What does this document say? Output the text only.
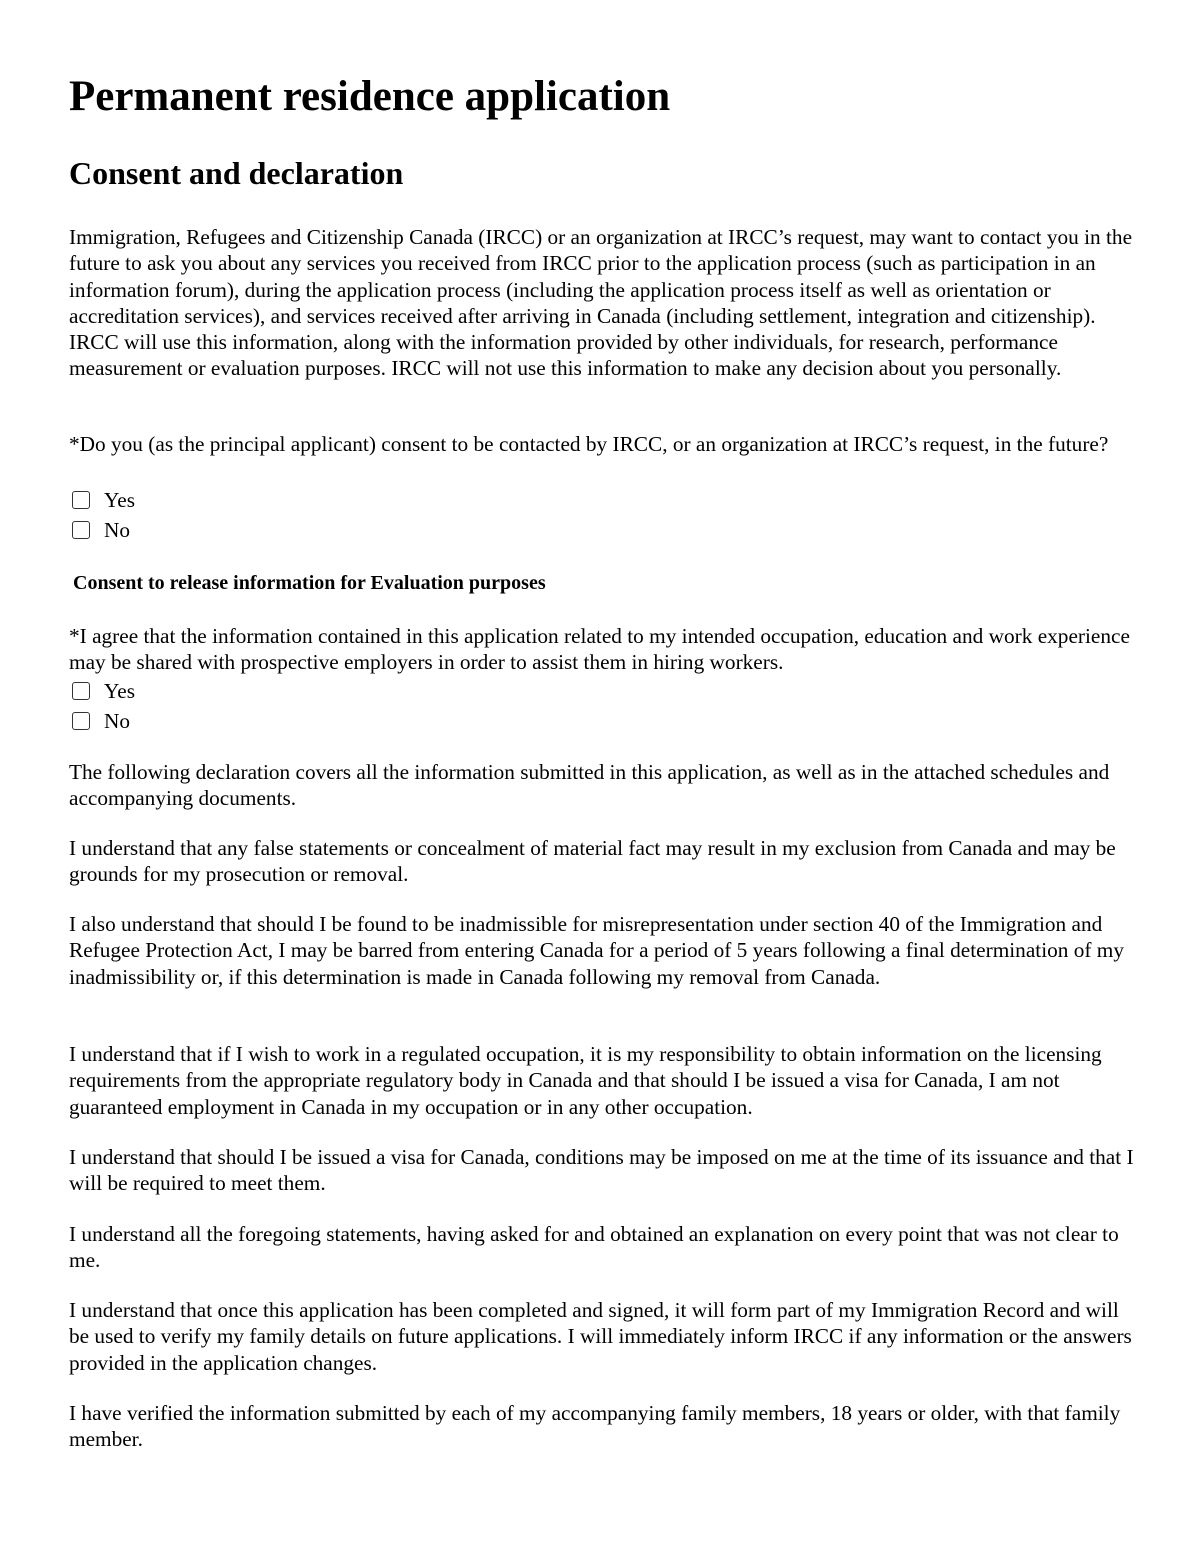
Permanent residence application
Consent and declaration

Immigration, Refugees and Citizenship Canada (IRCC) or an organization at IRCC’s request, may want to contact you in the future to ask you about any services you received from IRCC prior to the application process (such as participation in an information forum), during the application process (including the application process itself as well as orientation or accreditation services), and services received after arriving in Canada (including settlement, integration and citizenship). IRCC will use this information, along with the information provided by other individuals, for research, performance measurement or evaluation purposes. IRCC will not use this information to make any decision about you personally.

*Do you (as the principal applicant) consent to be contacted by IRCC, or an organization at IRCC’s request, in the future?

Yes
No

Consent to release information for Evaluation purposes

*I agree that the information contained in this application related to my intended occupation, education and work experience may be shared with prospective employers in order to assist them in hiring workers.

Yes
No

The following declaration covers all the information submitted in this application, as well as in the attached schedules and accompanying documents.

I understand that any false statements or concealment of material fact may result in my exclusion from Canada and may be grounds for my prosecution or removal.

I also understand that should I be found to be inadmissible for misrepresentation under section 40 of the Immigration and Refugee Protection Act, I may be barred from entering Canada for a period of 5 years following a final determination of my inadmissibility or, if this determination is made in Canada following my removal from Canada.

I understand that if I wish to work in a regulated occupation, it is my responsibility to obtain information on the licensing requirements from the appropriate regulatory body in Canada and that should I be issued a visa for Canada, I am not guaranteed employment in Canada in my occupation or in any other occupation.

I understand that should I be issued a visa for Canada, conditions may be imposed on me at the time of its issuance and that I will be required to meet them.

I understand all the foregoing statements, having asked for and obtained an explanation on every point that was not clear to me.

I understand that once this application has been completed and signed, it will form part of my Immigration Record and will be used to verify my family details on future applications. I will immediately inform IRCC if any information or the answers provided in the application changes.

I have verified the information submitted by each of my accompanying family members, 18 years or older, with that family member.
